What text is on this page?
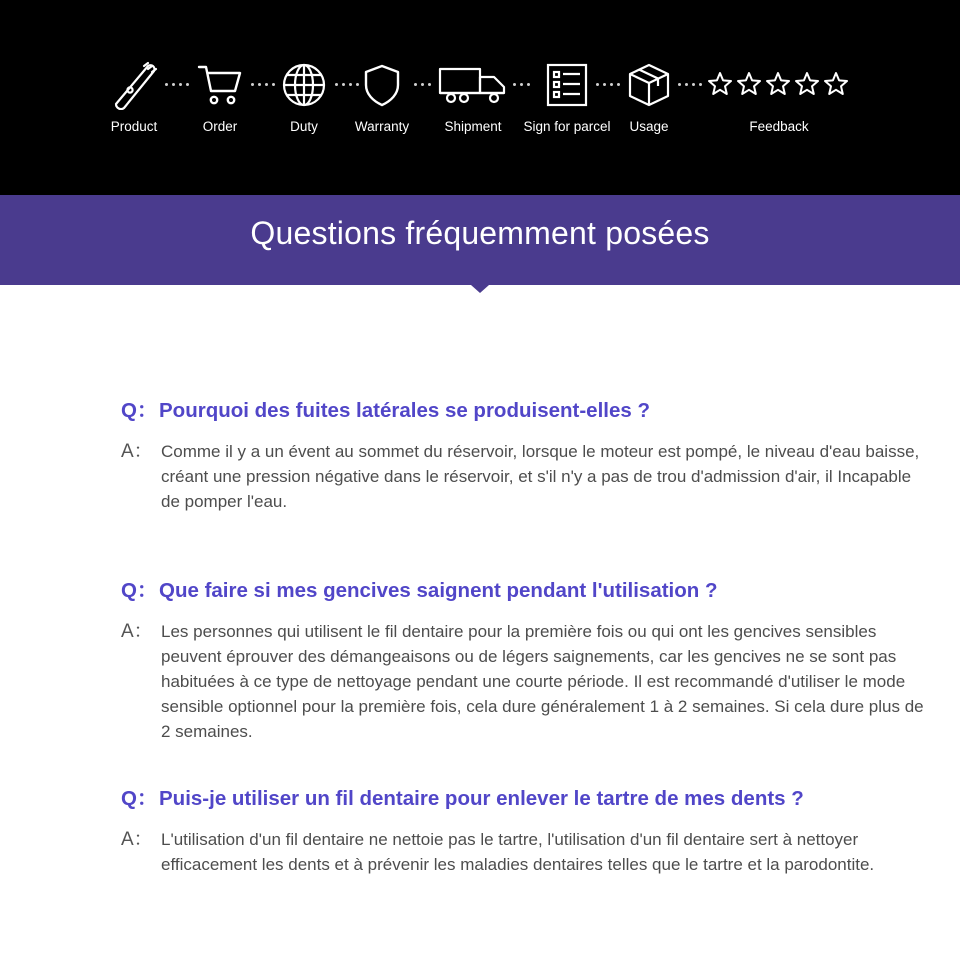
Product	Order	Duty	Warranty	Shipment Sign for parcel Usage	Feedback
Questions fréquemment posées
Q： Pourquoi des fuites latérales se produisent-elles ?
A： Comme il y a un évent au sommet du réservoir, lorsque le moteur est pompé, le niveau d'eau baisse, créant une pression négative dans le réservoir, et s'il n'y a pas de trou d'admission d'air, il Incapable de pomper l'eau.

Q： Que faire si mes gencives saignent pendant l'utilisation ?
A： Les personnes qui utilisent le fil dentaire pour la première fois ou qui ont les gencives sensibles peuvent éprouver des démangeaisons ou de légers saignements, car les gencives ne se sont pas habituées à ce type de nettoyage pendant une courte période. Il est recommandé d'utiliser le mode sensible optionnel pour la première fois, cela dure généralement 1 à 2 semaines. Si cela dure plus de 2 semaines.

Q： Puis-je utiliser un fil dentaire pour enlever le tartre de mes dents ?
A： L'utilisation d'un fil dentaire ne nettoie pas le tartre, l'utilisation d'un fil dentaire sert à nettoyer efficacement les dents et à prévenir les maladies dentaires telles que le tartre et la parodontite.
